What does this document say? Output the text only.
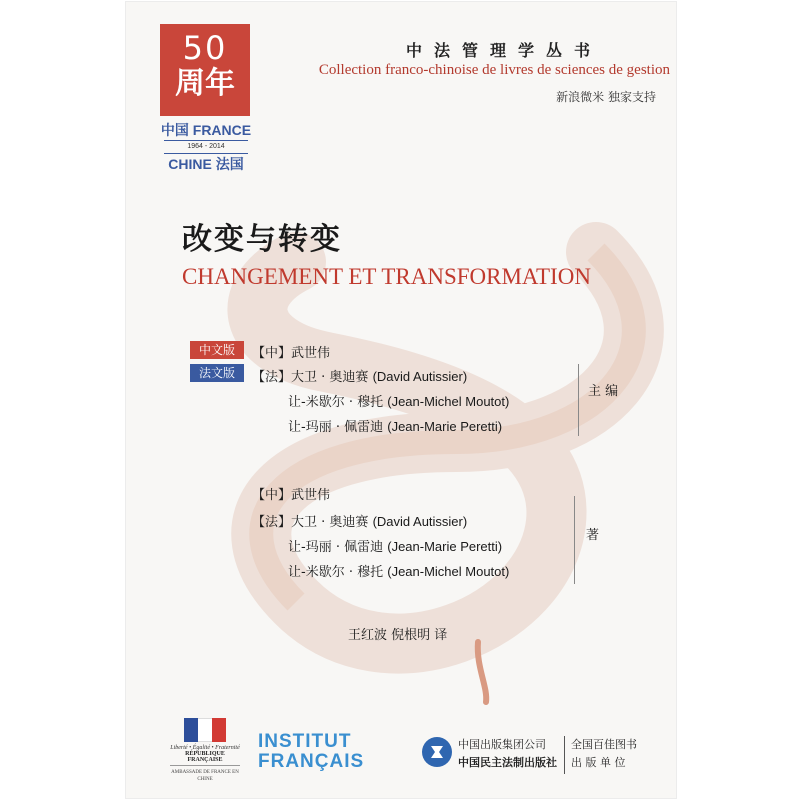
50
周年
中国 FRANCE
1964 - 2014
CHINE 法国
中法管理学丛书
Collection franco-chinoise de livres de sciences de gestion
新浪微米 独家支持
改变与转变
CHANGEMENT ET TRANSFORMATION
中文版
法文版
【中】武世伟
【法】大卫 · 奥迪赛 (David Autissier)
让-米歇尔 · 穆托 (Jean-Michel Moutot)
让-玛丽 · 佩雷迪 (Jean-Marie Peretti)
主 编
【中】武世伟
【法】大卫 · 奥迪赛 (David Autissier)
让-玛丽 · 佩雷迪 (Jean-Marie Peretti)
让-米歇尔 · 穆托 (Jean-Michel Moutot)
著
王红波 倪根明 译
Liberté • Égalité • Fraternité
RÉPUBLIQUE FRANÇAISE
AMBASSADE DE FRANCE EN CHINE
INSTITUT
FRANÇAIS
中国出版集团公司
中国民主法制出版社
全国百佳图书
出 版 单 位
